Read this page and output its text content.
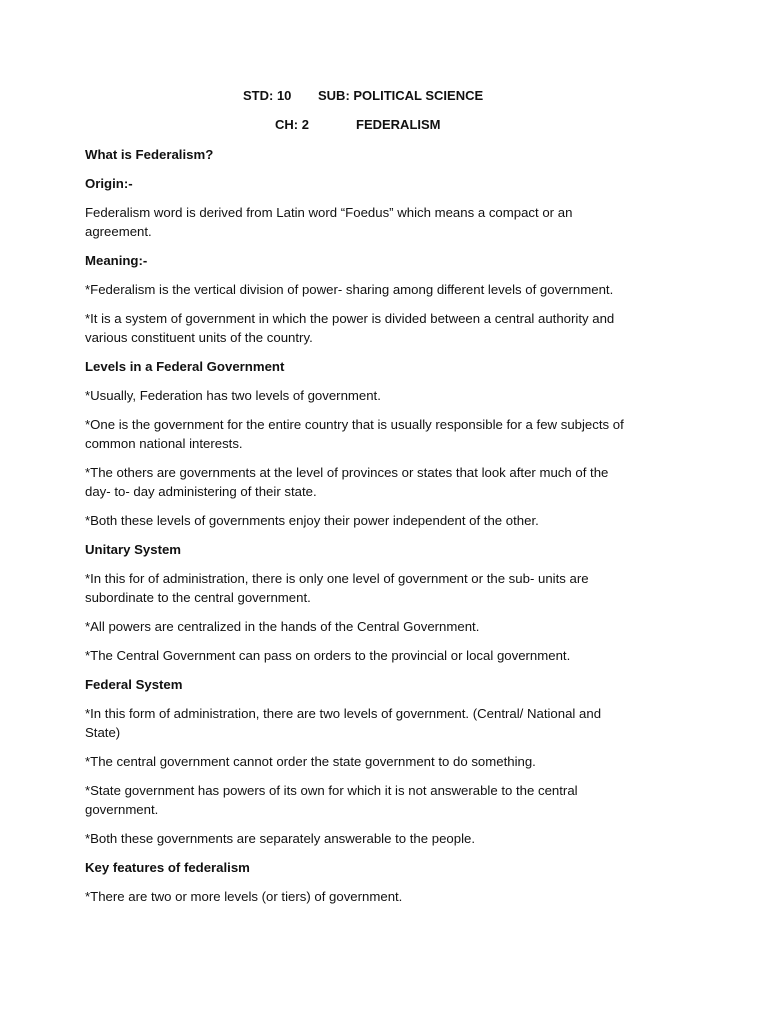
STD: 10 SUB: POLITICAL SCIENCE
CH: 2	FEDERALISM

What is Federalism?

Origin:-

Federalism word is derived from Latin word “Foedus” which means a compact or an agreement.

Meaning:-

*Federalism is the vertical division of power- sharing among different levels of government.

*It is a system of government in which the power is divided between a central authority and various constituent units of the country.

Levels in a Federal Government

*Usually, Federation has two levels of government.

*One is the government for the entire country that is usually responsible for a few subjects of common national interests.

*The others are governments at the level of provinces or states that look after much of the day- to- day administering of their state.

*Both these levels of governments enjoy their power independent of the other.

Unitary System

*In this for of administration, there is only one level of government or the sub- units are subordinate to the central government.

*All powers are centralized in the hands of the Central Government.

*The Central Government can pass on orders to the provincial or local government.

Federal System

*In this form of administration, there are two levels of government. (Central/ National and State)

*The central government cannot order the state government to do something.

*State government has powers of its own for which it is not answerable to the central government.

*Both these governments are separately answerable to the people.

Key features of federalism

*There are two or more levels (or tiers) of government.
